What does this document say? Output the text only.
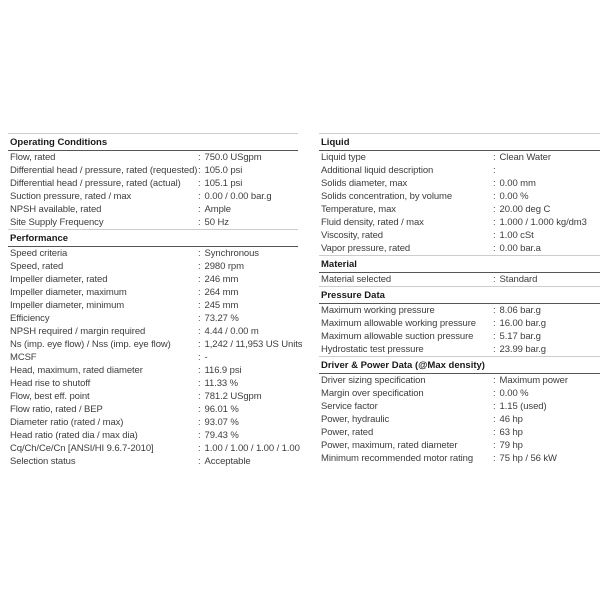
Operating Conditions
Flow, rated	: 750.0 USgpm
Differential head / pressure, rated (requested) : 105.0 psi
Differential head / pressure, rated (actual)	: 105.1 psi
Suction pressure, rated / max	: 0.00 / 0.00 bar.g
NPSH available, rated	: Ample
Site Supply Frequency	: 50 Hz
Performance
Speed criteria	: Synchronous
Speed, rated	: 2980 rpm
Impeller diameter, rated	: 246 mm
Impeller diameter, maximum	: 264 mm
Impeller diameter, minimum	: 245 mm
Efficiency	: 73.27 %
NPSH required / margin required	: 4.44 / 0.00 m
Ns (imp. eye flow) / Nss (imp. eye flow)	: 1,242 / 11,953 US Units
MCSF	: -
Head, maximum, rated diameter	: 116.9 psi
Head rise to shutoff	: 11.33 %
Flow, best eff. point	: 781.2 USgpm
Flow ratio, rated / BEP	: 96.01 %
Diameter ratio (rated / max)	: 93.07 %
Head ratio (rated dia / max dia)	: 79.43 %
Cq/Ch/Ce/Cn [ANSI/HI 9.6.7-2010]	: 1.00 / 1.00 / 1.00 / 1.00
Selection status	: Acceptable
Liquid
Liquid type	: Clean Water
Additional liquid description	:
Solids diameter, max	: 0.00 mm
Solids concentration, by volume	: 0.00 %
Temperature, max	: 20.00 deg C
Fluid density, rated / max	: 1.000 / 1.000 kg/dm3
Viscosity, rated	: 1.00 cSt
Vapor pressure, rated	: 0.00 bar.a
Material
Material selected	: Standard
Pressure Data
Maximum working pressure	: 8.06 bar.g
Maximum allowable working pressure	: 16.00 bar.g
Maximum allowable suction pressure	: 5.17 bar.g
Hydrostatic test pressure	: 23.99 bar.g
Driver & Power Data (@Max density)
Driver sizing specification	: Maximum power
Margin over specification	: 0.00 %
Service factor	: 1.15 (used)
Power, hydraulic	: 46 hp
Power, rated	: 63 hp
Power, maximum, rated diameter	: 79 hp
Minimum recommended motor rating	: 75 hp / 56 kW
